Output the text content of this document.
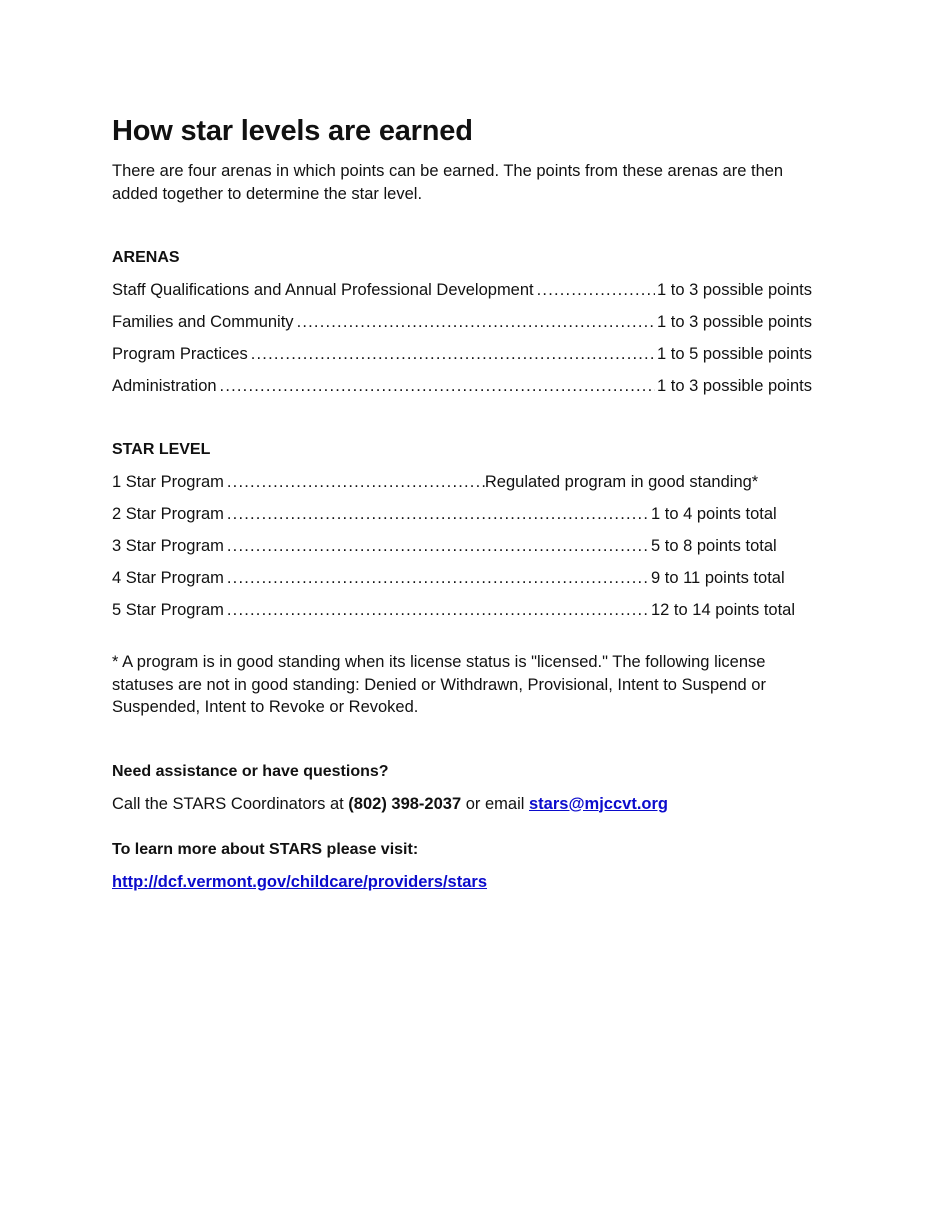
How star levels are earned

There are four arenas in which points can be earned. The points from these arenas are then added together to determine the star level.

ARENAS

Staff Qualifications and Annual Professional Development .....	1 to 3 possible points
Families and Community .....	1 to 3 possible points
Program Practices .....	1 to 5 possible points
Administration .....	1 to 3 possible points

STAR LEVEL

1 Star Program .....	Regulated program in good standing*
2 Star Program .....	1 to 4 points total
3 Star Program .....	5 to 8 points total
4 Star Program .....	9 to 11 points total
5 Star Program .....	12 to 14 points total

* A program is in good standing when its license status is "licensed." The following license statuses are not in good standing: Denied or Withdrawn, Provisional, Intent to Suspend or Suspended, Intent to Revoke or Revoked.

Need assistance or have questions?

Call the STARS Coordinators at (802) 398-2037 or email stars@mjccvt.org

To learn more about STARS please visit:

http://dcf.vermont.gov/childcare/providers/stars
